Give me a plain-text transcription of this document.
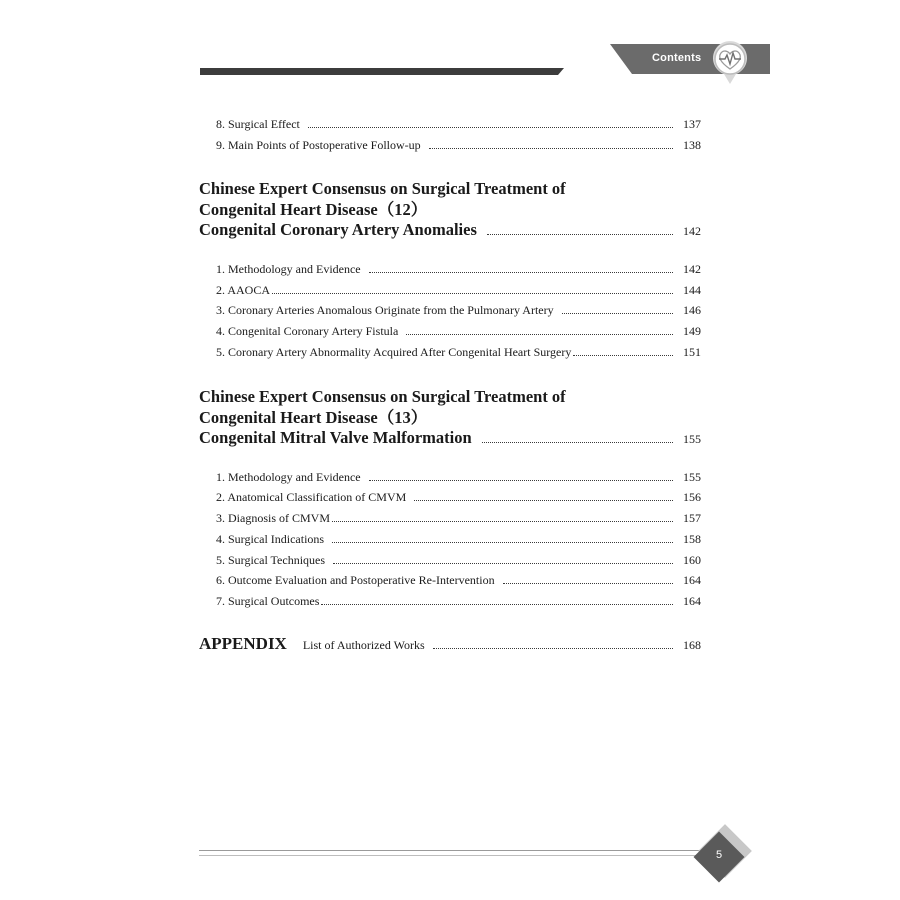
Contents
8. Surgical Effect	137
9. Main Points of Postoperative Follow-up	138
Chinese Expert Consensus on Surgical Treatment of
Congenital Heart Disease（12）
Congenital Coronary Artery Anomalies	142
1. Methodology and Evidence	142
2. AAOCA	144
3. Coronary Arteries Anomalous Originate from the Pulmonary Artery	146
4. Congenital Coronary Artery Fistula	149
5. Coronary Artery Abnormality Acquired After Congenital Heart Surgery	151
Chinese Expert Consensus on Surgical Treatment of
Congenital Heart Disease（13）
Congenital Mitral Valve Malformation	155
1. Methodology and Evidence	155
2. Anatomical Classification of CMVM	156
3. Diagnosis of CMVM	157
4. Surgical Indications	158
5. Surgical Techniques	160
6. Outcome Evaluation and Postoperative Re-Intervention	164
7. Surgical Outcomes	164
APPENDIX List of Authorized Works	168
5
